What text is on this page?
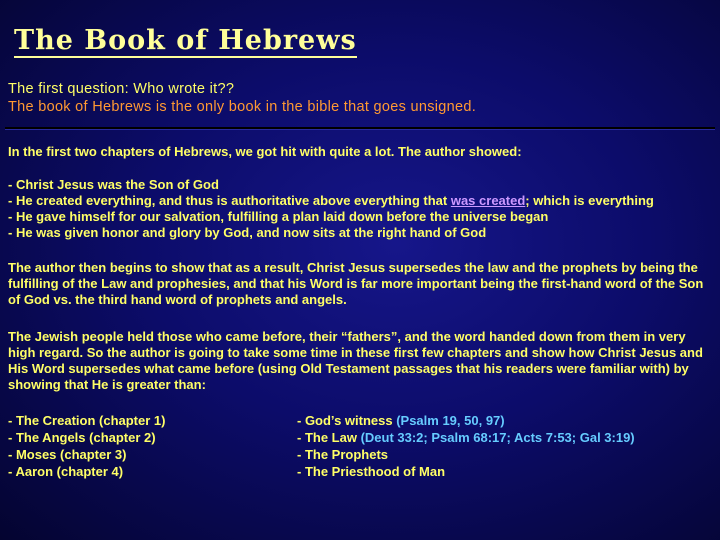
The Book of Hebrews
The first question: Who wrote it??
The book of Hebrews is the only book in the bible that goes unsigned.
In the first two chapters of Hebrews, we got hit with quite a lot. The author showed:
- Christ Jesus was the Son of God
- He created everything, and thus is authoritative above everything that was created; which is everything
- He gave himself for our salvation, fulfilling a plan laid down before the universe began
- He was given honor and glory by God, and now sits at the right hand of God
The author then begins to show that as a result, Christ Jesus supersedes the law and the prophets by being the fulfilling of the Law and prophesies, and that his Word is far more important being the first-hand word of the Son of God vs. the third hand word of prophets and angels.
The Jewish people held those who came before, their “fathers”, and the word handed down from them in very high regard. So the author is going to take some time in these first few chapters and show how Christ Jesus and His Word supersedes what came before (using Old Testament passages that his readers were familiar with) by showing that He is greater than:
- The Creation (chapter 1)
- The Angels (chapter 2)
- Moses (chapter 3)
- Aaron (chapter 4)
- God’s witness (Psalm 19, 50, 97)
- The Law (Deut 33:2; Psalm 68:17; Acts 7:53; Gal 3:19)
- The Prophets
- The Priesthood of Man
